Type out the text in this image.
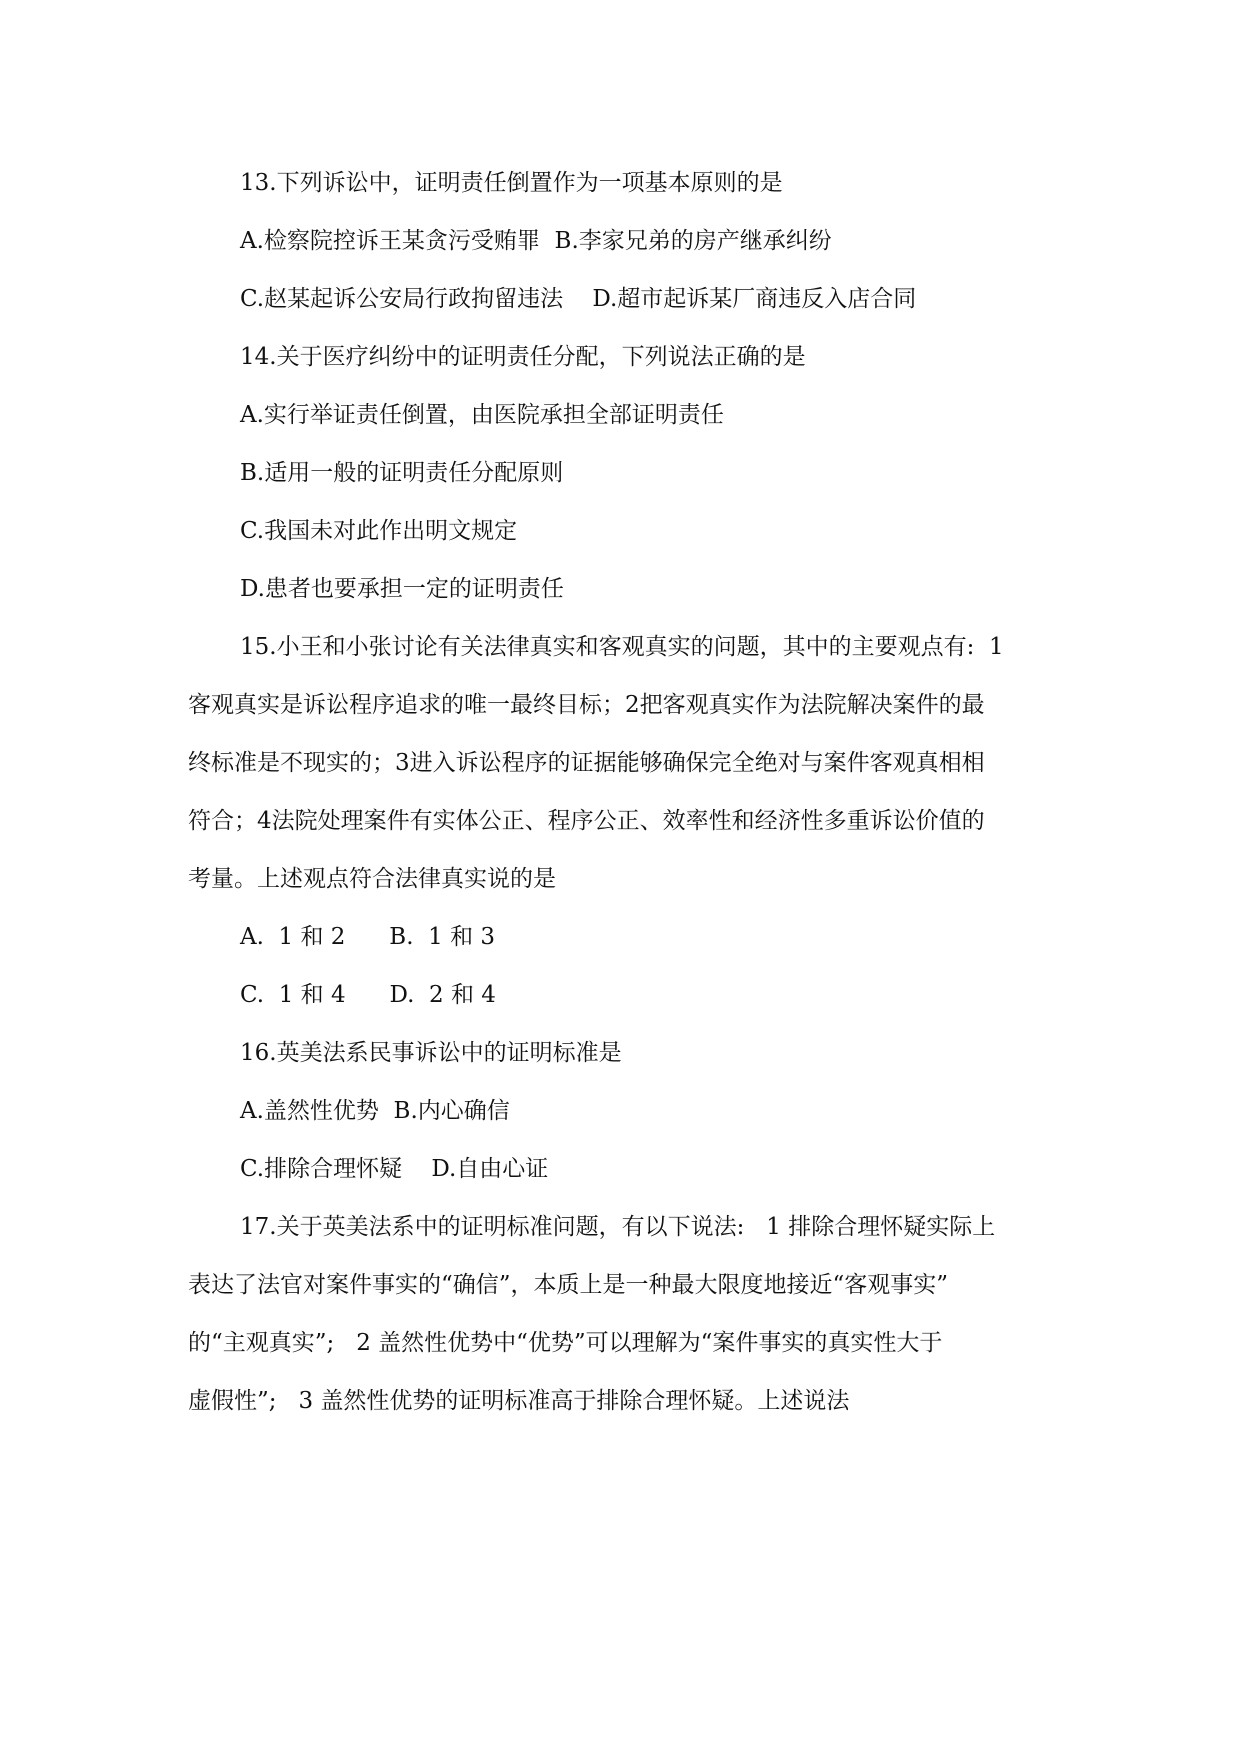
13.下列诉讼中，证明责任倒置作为一项基本原则的是
A.检察院控诉王某贪污受贿罪  B.李家兄弟的房产继承纠纷
C.赵某起诉公安局行政拘留违法    D.超市起诉某厂商违反入店合同
14.关于医疗纠纷中的证明责任分配，下列说法正确的是
A.实行举证责任倒置，由医院承担全部证明责任
B.适用一般的证明责任分配原则
C.我国未对此作出明文规定
D.患者也要承担一定的证明责任
15.小王和小张讨论有关法律真实和客观真实的问题，其中的主要观点有:  1
客观真实是诉讼程序追求的唯一最终目标；2把客观真实作为法院解决案件的最
终标准是不现实的；3进入诉讼程序的证据能够确保完全绝对与案件客观真相相
符合；4法院处理案件有实体公正、程序公正、效率性和经济性多重诉讼价值的
考量。上述观点符合法律真实说的是
A.  1 和 2      B.  1 和 3
C.  1 和 4      D.  2 和 4
16.英美法系民事诉讼中的证明标准是
A.盖然性优势  B.内心确信
C.排除合理怀疑    D.自由心证
17.关于英美法系中的证明标准问题，有以下说法:   1 排除合理怀疑实际上
表达了法官对案件事实的“确信”，本质上是一种最大限度地接近“客观事实”
的“主观真实”;   2 盖然性优势中“优势”可以理解为“案件事实的真实性大于
虚假性”;   3 盖然性优势的证明标准高于排除合理怀疑。上述说法
